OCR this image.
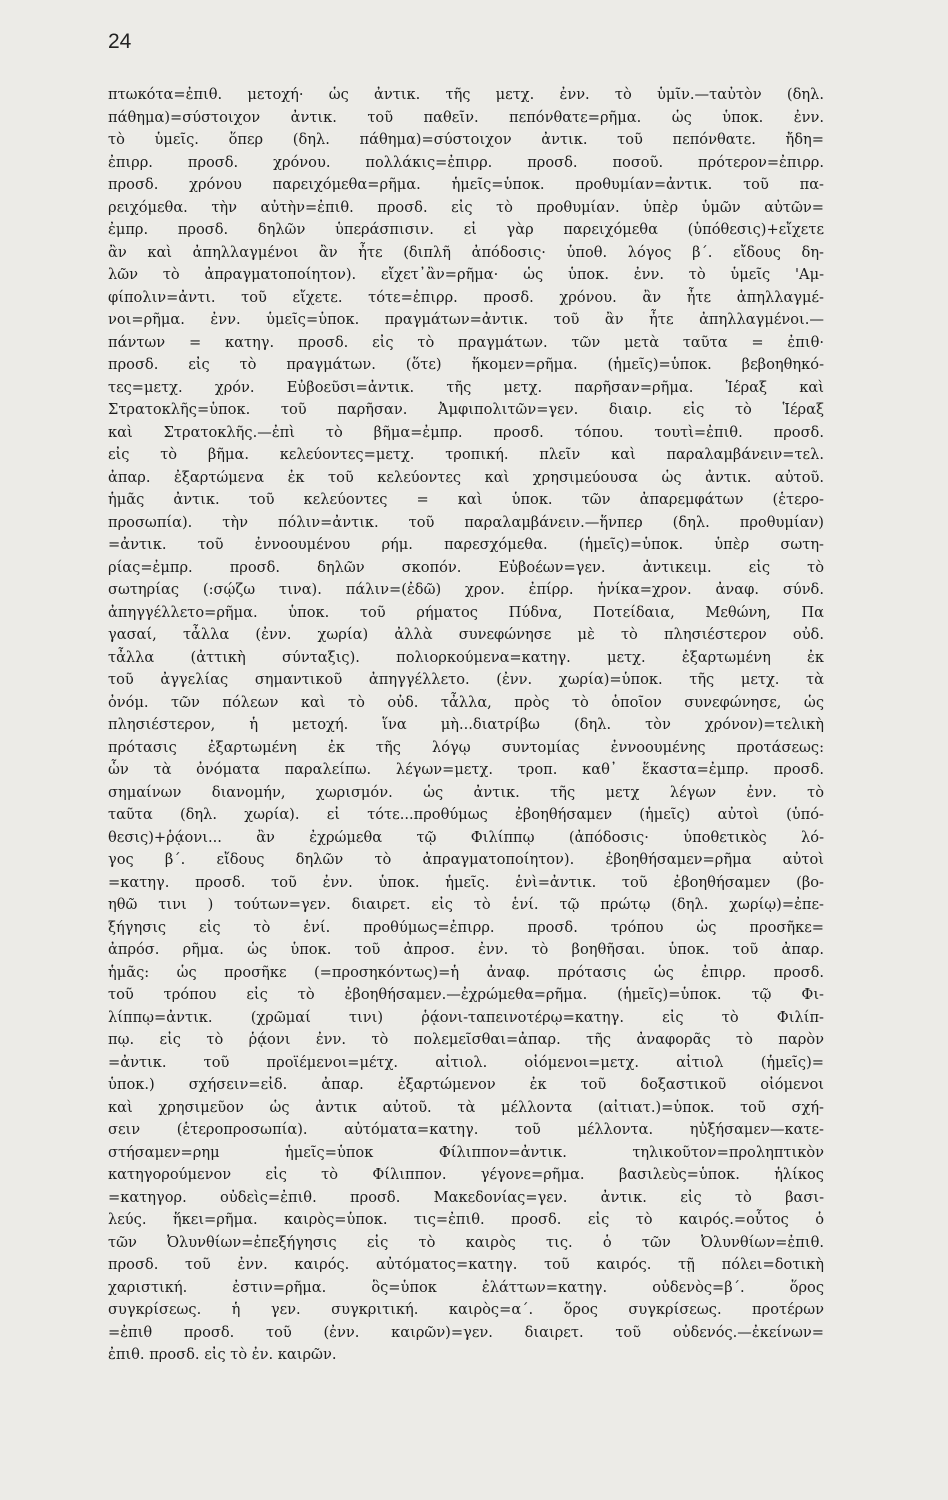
24
πτωκότα=ἐπιθ. μετοχή· ὡς ἀντικ. τῆς μετχ. ἐνν. τὸ ὑμῖν.—ταὐτὸν (δηλ.
πάθημα)=σύστοιχον ἀντικ. τοῦ παθεῖν. πεπόνθατε=ρῆμα. ὡς ὑποκ. ἐνν.
τὸ ὑμεῖς. ὅπερ (δηλ. πάθημα)=σύστοιχον ἀντικ. τοῦ πεπόνθατε. ἤδη=
ἐπιρρ. προσδ. χρόνου. πολλάκις=ἐπιρρ. προσδ. ποσοῦ. πρότερον=ἐπιρρ.
προσδ. χρόνου παρειχόμεθα=ρῆμα. ἡμεῖς=ὑποκ. προθυμίαν=ἀντικ. τοῦ πα-
ρειχόμεθα. τὴν αὐτὴν=ἐπιθ. προσδ. εἰς τὸ προθυμίαν. ὑπὲρ ὑμῶν αὐτῶν=
ἐμπρ. προσδ. δηλῶν ὑπεράσπισιν. εἰ γὰρ παρειχόμεθα (ὑπόθεσις)+εἴχετε
ἂν καὶ ἀπηλλαγμένοι ἂν ἦτε (διπλῆ ἀπόδοσις· ὑποθ. λόγος β΄. εἴδους δη-
λῶν τὸ ἀπραγματοποίητον). εἴχετ᾽ἂν=ρῆμα· ὡς ὑποκ. ἐνν. τὸ ὑμεῖς 'Αμ-
φίπολιν=ἀντι. τοῦ εἴχετε. τότε=ἐπιρρ. προσδ. χρόνου. ἂν ἦτε ἀπηλλαγμέ-
νοι=ρῆμα. ἐνν. ὑμεῖς=ὑποκ. πραγμάτων=ἀντικ. τοῦ ἂν ἦτε ἀπηλλαγμένοι.—
πάντων = κατηγ. προσδ. εἰς τὸ πραγμάτων. τῶν μετὰ ταῦτα = ἐπιθ·
προσδ. εἰς τὸ πραγμάτων. (ὅτε) ἥκομεν=ρῆμα. (ἡμεῖς)=ὑποκ. βεβοηθηκό-
τες=μετχ. χρόν. Εὐβοεῦσι=ἀντικ. τῆς μετχ. παρῆσαν=ρῆμα. Ἱέραξ καὶ
Στρατοκλῆς=ὑποκ. τοῦ παρῆσαν. Ἀμφιπολιτῶν=γεν. διαιρ. εἰς τὸ Ἱέραξ
καὶ Στρατοκλῆς.—ἐπὶ τὸ βῆμα=ἐμπρ. προσδ. τόπου. τουτὶ=ἐπιθ. προσδ.
εἰς τὸ βῆμα. κελεύοντες=μετχ. τροπική. πλεῖν καὶ παραλαμβάνειν=τελ.
ἀπαρ. ἐξαρτώμενα ἐκ τοῦ κελεύοντες καὶ χρησιμεύουσα ὡς ἀντικ. αὐτοῦ.
ἡμᾶς ἀντικ. τοῦ κελεύοντες = καὶ ὑποκ. τῶν ἀπαρεμφάτων (ἑτερο-
προσωπία). τὴν πόλιν=ἀντικ. τοῦ παραλαμβάνειν.—ἥνπερ (δηλ. προθυμίαν)
=ἀντικ. τοῦ ἐννοουμένου ρήμ. παρεσχόμεθα. (ἡμεῖς)=ὑποκ. ὑπὲρ σωτη-
ρίας=ἐμπρ. προσδ. δηλῶν σκοπόν. Εὐβοέων=γεν. ἀντικειμ. εἰς τὸ
σωτηρίας (:σῴζω τινα). πάλιν=(ἐδῶ) χρον. ἐπίρρ. ἡνίκα=χρον. ἀναφ. σύνδ.
ἀπηγγέλλετο=ρῆμα. ὑποκ. τοῦ ρήματος Πύδνα, Ποτείδαια, Μεθώνη, Πα
γασαί, τἆλλα (ἐνν. χωρία) ἀλλὰ συνεφώνησε μὲ τὸ πλησιέστερον οὐδ.
τἆλλα (ἀττικὴ σύνταξις). πολιορκούμενα=κατηγ. μετχ. ἐξαρτωμένη ἐκ
τοῦ ἀγγελίας σημαντικοῦ ἀπηγγέλλετο. (ἐνν. χωρία)=ὑποκ. τῆς μετχ. τὰ
ὀνόμ. τῶν πόλεων καὶ τὸ οὐδ. τἆλλα, πρὸς τὸ ὁποῖον συνεφώνησε, ὡς
πλησιέστερον, ἡ μετοχή. ἵνα μὴ...διατρίβω (δηλ. τὸν χρόνον)=τελικὴ
πρότασις ἐξαρτωμένη ἐκ τῆς λόγῳ συντομίας ἐννοουμένης προτάσεως:
ὧν τὰ ὀνόματα παραλείπω. λέγων=μετχ. τροπ. καθ᾽ ἕκαστα=ἐμπρ. προσδ.
σημαίνων διανομήν, χωρισμόν. ὡς ἀντικ. τῆς μετχ λέγων ἐνν. τὸ
ταῦτα (δηλ. χωρία). εἰ τότε...προθύμως ἐβοηθήσαμεν (ἡμεῖς) αὐτοὶ (ὑπό-
θεσις)+ῥᾴονι... ἂν ἐχρώμεθα τῷ Φιλίππῳ (ἀπόδοσις· ὑποθετικὸς λό-
γος β΄. εἴδους δηλῶν τὸ ἀπραγματοποίητον). ἐβοηθήσαμεν=ρῆμα αὐτοὶ
=κατηγ. προσδ. τοῦ ἐνν. ὑποκ. ἡμεῖς. ἑνὶ=ἀντικ. τοῦ ἐβοηθήσαμεν (βο-
ηθῶ τινι ) τούτων=γεν. διαιρετ. εἰς τὸ ἑνί. τῷ πρώτῳ (δηλ. χωρίῳ)=ἐπε-
ξήγησις εἰς τὸ ἑνί. προθύμως=ἐπιρρ. προσδ. τρόπου ὡς προσῆκε=
ἀπρόσ. ρῆμα. ὡς ὑποκ. τοῦ ἀπροσ. ἐνν. τὸ βοηθῆσαι. ὑποκ. τοῦ ἀπαρ.
ἡμᾶς: ὡς προσῆκε (=προσηκόντως)=ἡ ἀναφ. πρότασις ὡς ἐπιρρ. προσδ.
τοῦ τρόπου εἰς τὸ ἐβοηθήσαμεν.—ἐχρώμεθα=ρῆμα. (ἡμεῖς)=ὑποκ. τῷ Φι-
λίππῳ=ἀντικ. (χρῶμαί τινι) ῥᾴονι-ταπεινοτέρῳ=κατηγ. εἰς τὸ Φιλίπ-
πῳ. εἰς τὸ ῥᾴονι ἐνν. τὸ πολεμεῖσθαι=ἀπαρ. τῆς ἀναφορᾶς τὸ παρὸν
=ἀντικ. τοῦ προϊέμενοι=μέτχ. αἰτιολ. οἰόμενοι=μετχ. αἰτιολ (ἡμεῖς)=
ὑποκ.) σχήσειν=εἰδ. ἀπαρ. ἐξαρτώμενον ἐκ τοῦ δοξαστικοῦ οἰόμενοι
καὶ χρησιμεῦον ὡς ἀντικ αὐτοῦ. τὰ μέλλοντα (αἰτιατ.)=ὑποκ. τοῦ σχή-
σειν (ἑτεροπροσωπία). αὐτόματα=κατηγ. τοῦ μέλλοντα. ηὐξήσαμεν—κατε-
στήσαμεν=ρημ ἡμεῖς=ὑποκ Φίλιππον=ἀντικ. τηλικοῦτον=προληπτικὸν
κατηγορούμενον εἰς τὸ Φίλιππον. γέγονε=ρῆμα. βασιλεὺς=ὑποκ. ἡλίκος
=κατηγορ. οὐδεὶς=ἐπιθ. προσδ. Μακεδονίας=γεν. ἀντικ. εἰς τὸ βασι-
λεύς. ἥκει=ρῆμα. καιρὸς=ὑποκ. τις=ἐπιθ. προσδ. εἰς τὸ καιρός.=οὗτος ὁ
τῶν Ὀλυνθίων=ἐπεξήγησις εἰς τὸ καιρὸς τις. ὁ τῶν Ὀλυνθίων=ἐπιθ.
προσδ. τοῦ ἐνν. καιρός. αὐτόματος=κατηγ. τοῦ καιρός. τῇ πόλει=δοτικὴ
χαριστική. ἐστιν=ρῆμα. ὃς=ὑποκ ἐλάττων=κατηγ. οὐδενὸς=β΄. ὅρος
συγκρίσεως. ἡ γεν. συγκριτική. καιρὸς=α΄. ὅρος συγκρίσεως. προτέρων
=ἐπιθ προσδ. τοῦ (ἐνν. καιρῶν)=γεν. διαιρετ. τοῦ οὐδενός.—ἐκείνων=
ἐπιθ. προσδ. εἰς τὸ ἐν. καιρῶν.
